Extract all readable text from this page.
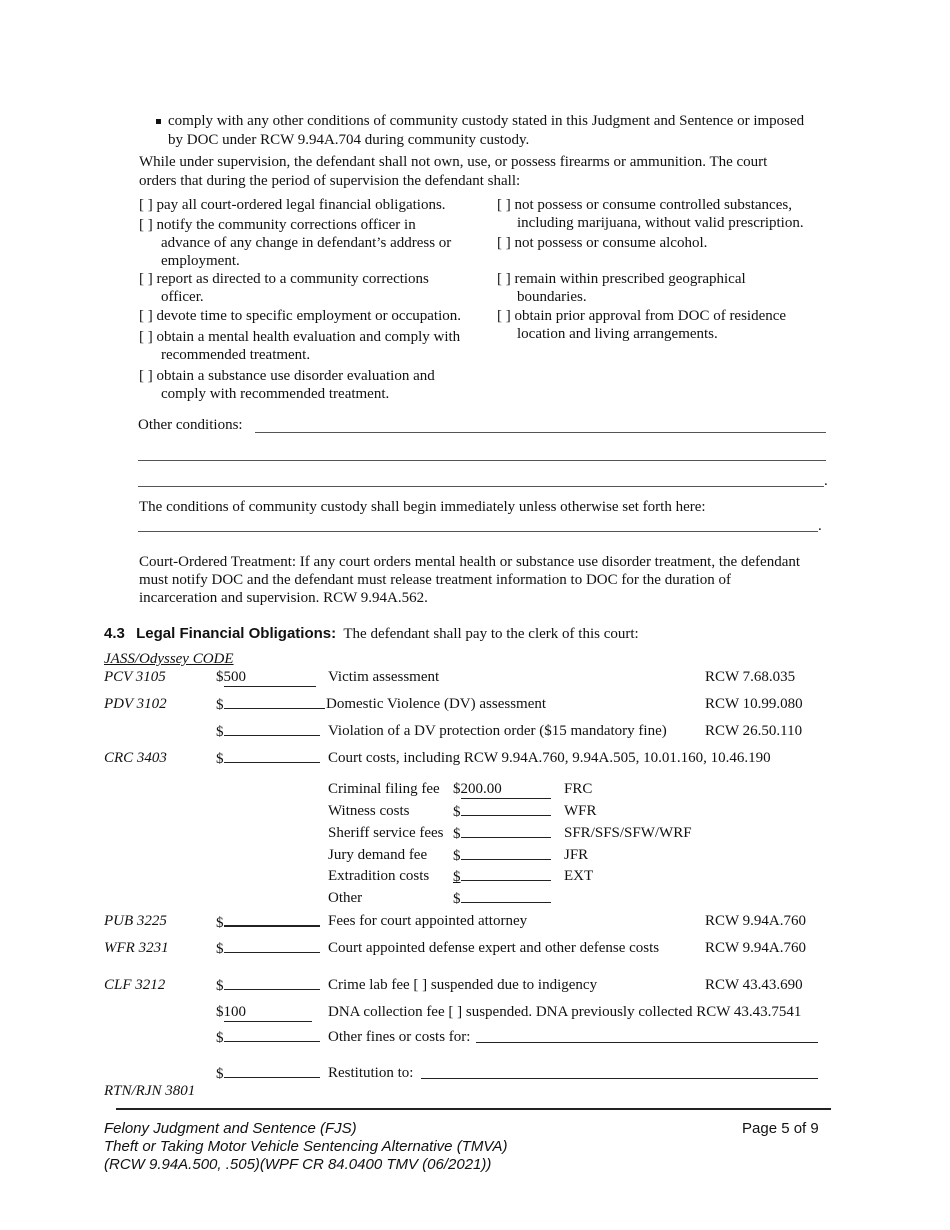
comply with any other conditions of community custody stated in this Judgment and Sentence or imposed
by DOC under RCW 9.94A.704 during community custody.
While under supervision, the defendant shall not own, use, or possess firearms or ammunition. The court
orders that during the period of supervision the defendant shall:
[ ] pay all court-ordered legal financial obligations.
[ ] notify the community corrections officer in
advance of any change in defendant’s address or
employment.
[ ] report as directed to a community corrections
officer.
[ ] devote time to specific employment or occupation.
[ ] obtain a mental health evaluation and comply with
recommended treatment.
[ ] obtain a substance use disorder evaluation and
comply with recommended treatment.
[ ] not possess or consume controlled substances,
including marijuana, without valid prescription.
[ ] not possess or consume alcohol.
[ ] remain within prescribed geographical
boundaries.
[ ] obtain prior approval from DOC of residence
location and living arrangements.
Other conditions:
.
The conditions of community custody shall begin immediately unless otherwise set forth here:
.
Court-Ordered Treatment: If any court orders mental health or substance use disorder treatment, the defendant
must notify DOC and the defendant must release treatment information to DOC for the duration of
incarceration and supervision. RCW 9.94A.562.
4.3 Legal Financial Obligations: The defendant shall pay to the clerk of this court:
JASS/Odyssey CODE
PCV 3105	$500	Victim assessment	RCW 7.68.035
PDV 3102	$	Domestic Violence (DV) assessment	RCW 10.99.080
$	Violation of a DV protection order ($15 mandatory fine)	RCW 26.50.110
CRC 3403	$	Court costs, including RCW 9.94A.760, 9.94A.505, 10.01.160, 10.46.190
Criminal filing fee $200.00	FRC
Witness costs	$	WFR
Sheriff service fees $	SFR/SFS/SFW/WRF
Jury demand fee $	JFR
Extradition costs $	EXT
Other	$
PUB 3225	$	Fees for court appointed attorney	RCW 9.94A.760
WFR 3231	$	Court appointed defense expert and other defense costs	RCW 9.94A.760
CLF 3212	$	Crime lab fee [ ] suspended due to indigency	RCW 43.43.690
$100	DNA collection fee [ ] suspended. DNA previously collected RCW 43.43.7541
$	Other fines or costs for:
$	Restitution to:
RTN/RJN 3801
Felony Judgment and Sentence (FJS)
Theft or Taking Motor Vehicle Sentencing Alternative (TMVA)
(RCW 9.94A.500, .505)(WPF CR 84.0400 TMV (06/2021))
Page 5 of 9
